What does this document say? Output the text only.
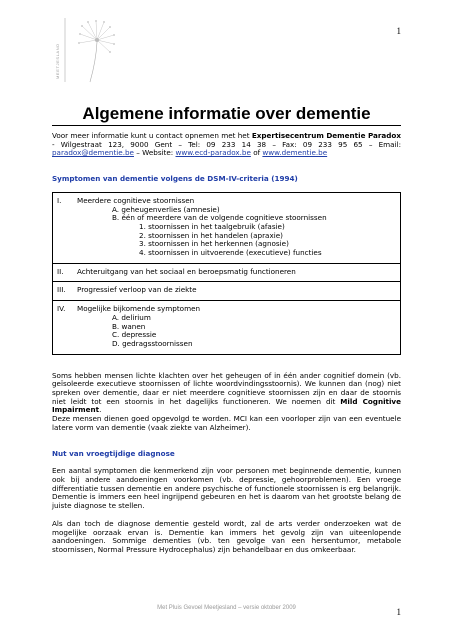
1
MEETJESLAND
Algemene informatie over dementie

Voor meer informatie kunt u contact opnemen met het Expertisecentrum Dementie Paradox - Wilgestraat 123, 9000 Gent – Tel: 09 233 14 38 – Fax: 09 233 95 65 – Email: paradox@dementie.be – Website: www.ecd-paradox.be of www.dementie.be

Symptomen van dementie volgens de DSM-IV-criteria (1994)

I. Meerdere cognitieve stoornissen
A. geheugenverlies (amnesie)
B. één of meerdere van de volgende cognitieve stoornissen
1. stoornissen in het taalgebruik (afasie)
2. stoornissen in het handelen (apraxie)
3. stoornissen in het herkennen (agnosie)
4. stoornissen in uitvoerende (executieve) functies

II. Achteruitgang van het sociaal en beroepsmatig functioneren
III. Progressief verloop van de ziekte

IV. Mogelijke bijkomende symptomen
A. delirium
B. wanen
C. depressie
D. gedragsstoornissen

Soms hebben mensen lichte klachten over het geheugen of in één ander cognitief domein (vb. geïsoleerde executieve stoornissen of lichte woordvindingsstoornis). We kunnen dan (nog) niet spreken over dementie, daar er niet meerdere cognitieve stoornissen zijn en daar de stoornis niet leidt tot een stoornis in het dagelijks functioneren. We noemen dit Mild Cognitive Impairment.

Deze mensen dienen goed opgevolgd te worden. MCI kan een voorloper zijn van een eventuele latere vorm van dementie (vaak ziekte van Alzheimer).

Nut van vroegtijdige diagnose

Een aantal symptomen die kenmerkend zijn voor personen met beginnende dementie, kunnen ook bij andere aandoeningen voorkomen (vb. depressie, gehoorproblemen). Een vroege differentiatie tussen dementie en andere psychische of functionele stoornissen is erg belangrijk. Dementie is immers een heel ingrijpend gebeuren en het is daarom van het grootste belang de juiste diagnose te stellen.

Als dan toch de diagnose dementie gesteld wordt, zal de arts verder onderzoeken wat de mogelijke oorzaak ervan is. Dementie kan immers het gevolg zijn van uiteenlopende aandoeningen. Sommige dementies (vb. ten gevolge van een hersentumor, metabole stoornissen, Normal Pressure Hydrocephalus) zijn behandelbaar en dus omkeerbaar.

Met Pluis Gevoel Meetjesland – versie oktober 2009	1
